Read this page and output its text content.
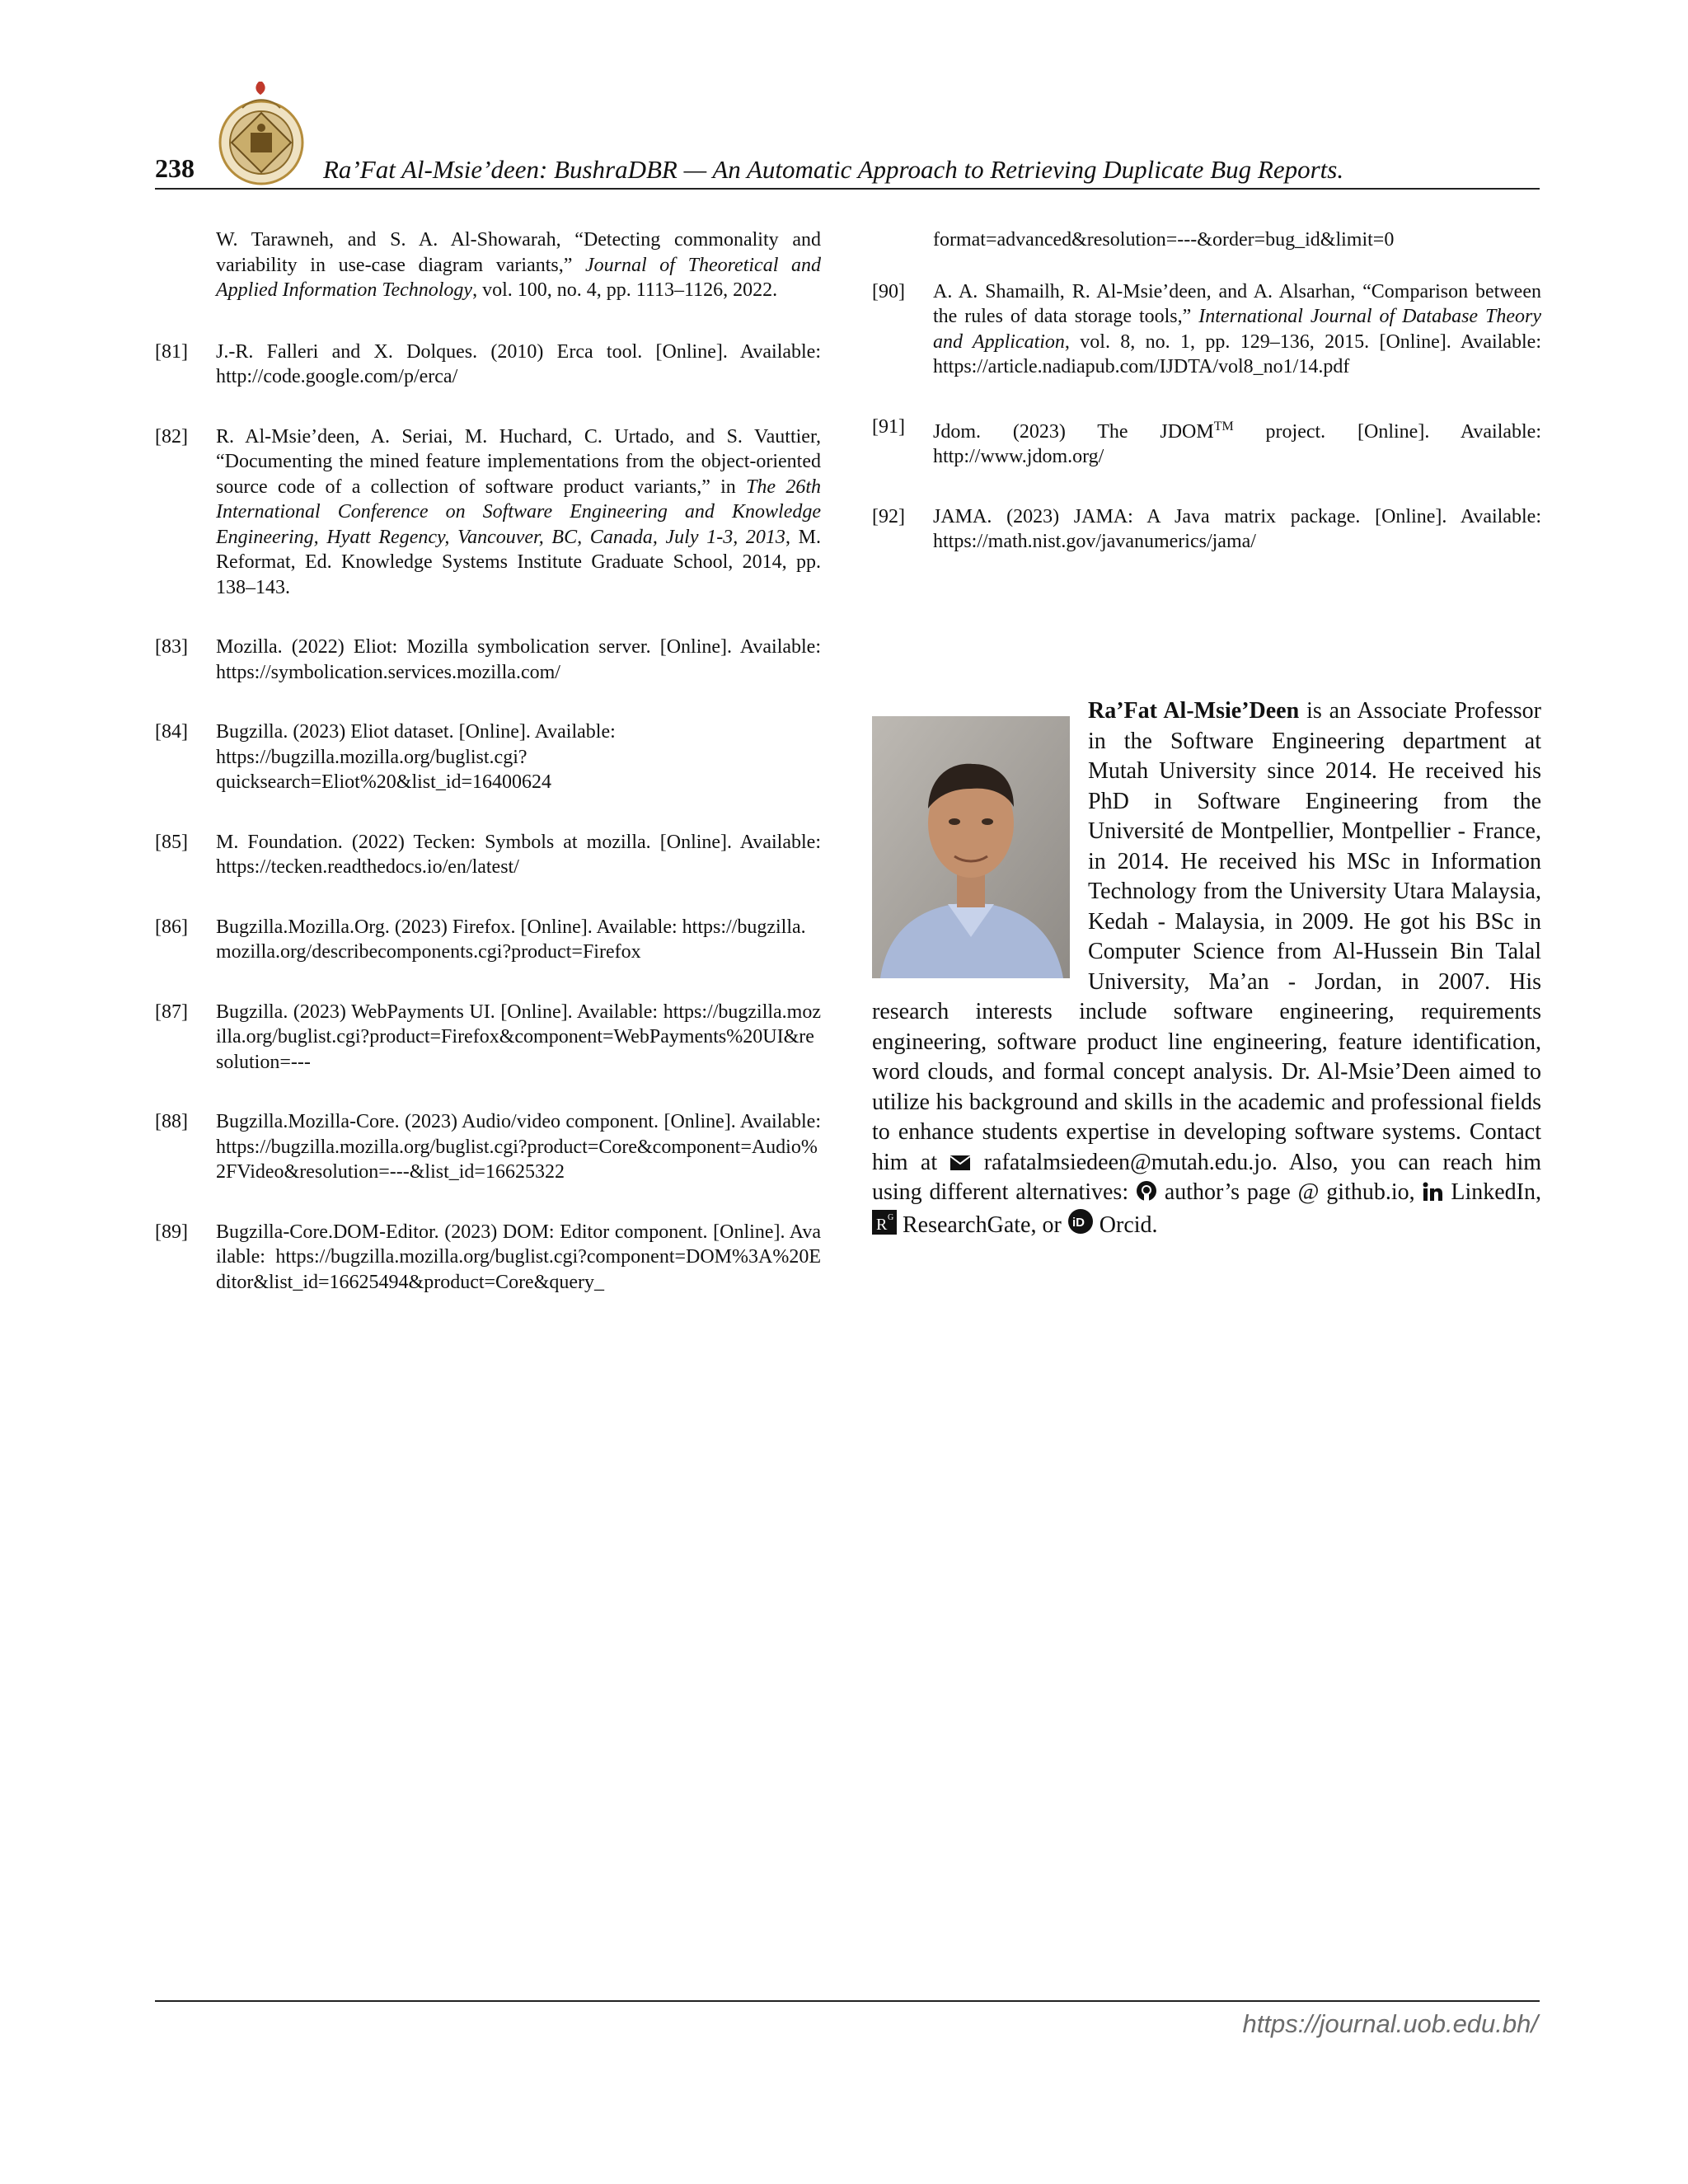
238	Ra’Fat Al-Msie’deen: BushraDBR — An Automatic Approach to Retrieving Duplicate Bug Reports.
W. Tarawneh, and S. A. Al-Showarah, “Detecting commonality and variability in use-case diagram variants,” Journal of Theoretical and Applied Information Technology, vol. 100, no. 4, pp. 1113–1126, 2022.
[81] J.-R. Falleri and X. Dolques. (2010) Erca tool. [Online]. Available: http://code.google.com/p/erca/
[82] R. Al-Msie’deen, A. Seriai, M. Huchard, C. Urtado, and S. Vauttier, “Documenting the mined feature implementations from the object-oriented source code of a collection of software product variants,” in The 26th International Conference on Software Engineering and Knowledge Engineering, Hyatt Regency, Vancouver, BC, Canada, July 1-3, 2013, M. Reformat, Ed. Knowledge Systems Institute Graduate School, 2014, pp. 138–143.
[83] Mozilla. (2022) Eliot: Mozilla symbolication server. [Online]. Available: https://symbolication.services.mozilla.com/
[84] Bugzilla. (2023) Eliot dataset. [Online]. Available: https://bugzilla.mozilla.org/buglist.cgi?quicksearch=Eliot%20&list_id=16400624
[85] M. Foundation. (2022) Tecken: Symbols at mozilla. [Online]. Available: https://tecken.readthedocs.io/en/latest/
[86] Bugzilla.Mozilla.Org. (2023) Firefox. [Online]. Available: https://bugzilla.mozilla.org/describecomponents.cgi?product=Firefox
[87] Bugzilla. (2023) WebPayments UI. [Online]. Available: https://bugzilla.mozilla.org/buglist.cgi?product=Firefox&component=WebPayments%20UI&resolution=---
[88] Bugzilla.Mozilla-Core. (2023) Audio/video component. [Online]. Available: https://bugzilla.mozilla.org/buglist.cgi?product=Core&component=Audio%2FVideo&resolution=---&list_id=16625322
[89] Bugzilla-Core.DOM-Editor. (2023) DOM: Editor component. [Online]. Available: https://bugzilla.mozilla.org/buglist.cgi?component=DOM%3A%20Editor&list_id=16625494&product=Core&query_
format=advanced&resolution=---&order=bug_id&limit=0
[90] A. A. Shamailh, R. Al-Msie’deen, and A. Alsarhan, “Comparison between the rules of data storage tools,” International Journal of Database Theory and Application, vol. 8, no. 1, pp. 129–136, 2015. [Online]. Available: https://article.nadiapub.com/IJDTA/vol8_no1/14.pdf
[91] Jdom. (2023) The JDOM™ project. [Online]. Available: http://www.jdom.org/
[92] JAMA. (2023) JAMA: A Java matrix package. [Online]. Available: https://math.nist.gov/javanumerics/jama/
Ra’Fat Al-Msie’Deen is an Associate Professor in the Software Engineering department at Mutah University since 2014. He received his PhD in Software Engineering from the Université de Montpellier, Montpellier - France, in 2014. He received his MSc in Information Technology from the University Utara Malaysia, Kedah - Malaysia, in 2009. He got his BSc in Computer Science from Al-Hussein Bin Talal University, Ma’an - Jordan, in 2007. His research interests include software engineering, requirements engineering, software product line engineering, feature identification, word clouds, and formal concept analysis. Dr. Al-Msie’Deen aimed to utilize his background and skills in the academic and professional fields to enhance students expertise in developing software systems. Contact him at  rafatalmsiedeen@mutah.edu.jo. Also, you can reach him using different alternatives:  author’s page @ github.io, LinkedIn,
R G ResearchGate, or iD Orcid.
https://journal.uob.edu.bh/
